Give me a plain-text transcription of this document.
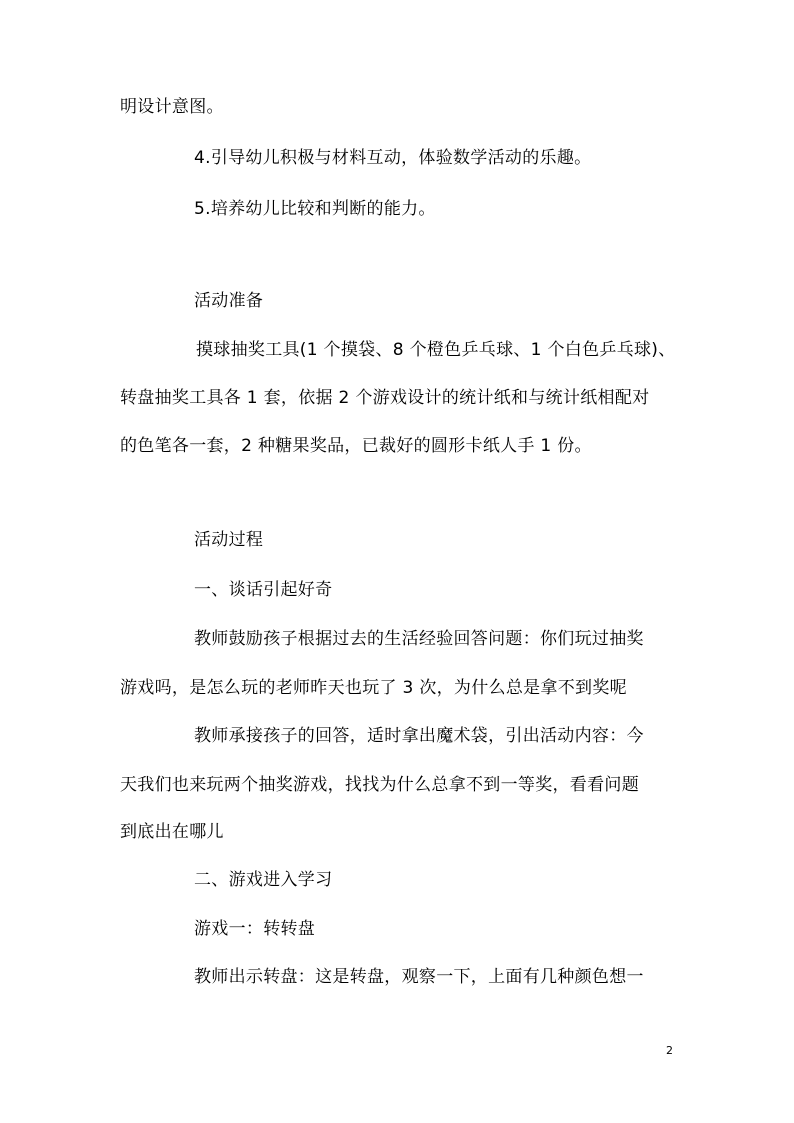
明设计意图。
4.引导幼儿积极与材料互动，体验数学活动的乐趣。
5.培养幼儿比较和判断的能力。
活动准备
摸球抽奖工具(1 个摸袋、8 个橙色乒乓球、1 个白色乒乓球)、
转盘抽奖工具各 1 套，依据 2 个游戏设计的统计纸和与统计纸相配对
的色笔各一套，2 种糖果奖品，已裁好的圆形卡纸人手 1 份。
活动过程
一、谈话引起好奇
教师鼓励孩子根据过去的生活经验回答问题：你们玩过抽奖
游戏吗，是怎么玩的老师昨天也玩了 3 次，为什么总是拿不到奖呢
教师承接孩子的回答，适时拿出魔术袋，引出活动内容：今
天我们也来玩两个抽奖游戏，找找为什么总拿不到一等奖，看看问题
到底出在哪儿
二、游戏进入学习
游戏一：转转盘
教师出示转盘：这是转盘，观察一下，上面有几种颜色想一
2
